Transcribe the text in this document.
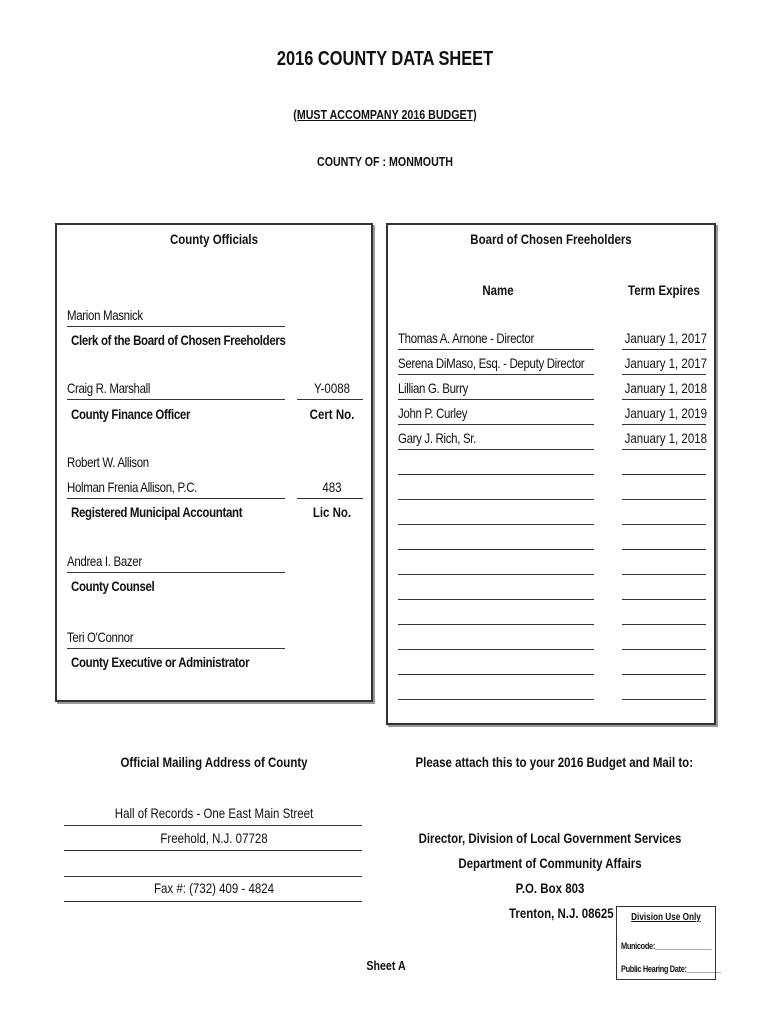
2016 COUNTY DATA SHEET
(MUST ACCOMPANY 2016 BUDGET)
COUNTY OF : MONMOUTH
County Officials
Marion Masnick
Clerk of the Board of Chosen Freeholders
Craig R. Marshall	Y-0088
County Finance Officer	Cert No.
Robert W. Allison
Holman Frenia Allison, P.C.	483
Registered Municipal Accountant	Lic No.
Andrea I. Bazer
County Counsel
Teri O'Connor
County Executive or Administrator
Board of Chosen Freeholders
Name	Term Expires
Thomas A. Arnone - Director	January 1, 2017
Serena DiMaso, Esq. - Deputy Director	January 1, 2017
Lillian G. Burry	January 1, 2018
John P. Curley	January 1, 2019
Gary J. Rich, Sr.	January 1, 2018
Official Mailing Address of County
Hall of Records - One East Main Street
Freehold, N.J. 07728
Fax #: (732) 409 - 4824
Please attach this to your 2016 Budget and Mail to:
Director, Division of Local Government Services
Department of Community Affairs
P.O. Box 803
Trenton, N.J. 08625	Division Use Only
Municode:_______________
Public Hearing Date:_________
Sheet A
